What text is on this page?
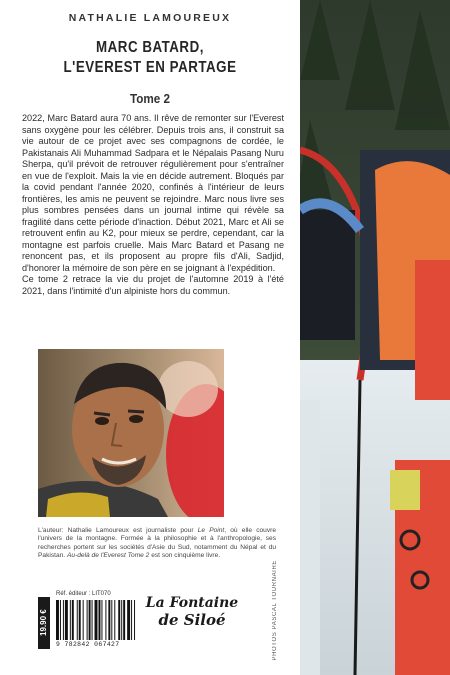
NATHALIE LAMOUREUX
MARC BATARD,
L'EVEREST EN PARTAGE
Tome 2

2022, Marc Batard aura 70 ans. Il rêve de remonter sur l'Everest sans oxygène pour les célébrer. Depuis trois ans, il construit sa vie autour de ce projet avec ses compagnons de cordée, le Pakistanais Ali Muhammad Sadpara et le Népalais Pasang Nuru Sherpa, qu'il prévoit de retrouver régulièrement pour s'entraîner en vue de l'exploit. Mais la vie en décide autrement. Bloqués par la covid pendant l'année 2020, confinés à l'intérieur de leurs frontières, les amis ne peuvent se rejoindre. Marc nous livre ses plus sombres pensées dans un journal intime qui révèle sa fragilité dans cette période d'inaction. Début 2021, Marc et Ali se retrouvent enfin au K2, pour mieux se perdre, cependant, car la montagne est parfois cruelle. Mais Marc Batard et Pasang ne renoncent pas, et ils proposent au propre fils d'Ali, Sadjid, d'honorer la mémoire de son père en se joignant à l'expédition.

Ce tome 2 retrace la vie du projet de l'automne 2019 à l'été 2021, dans l'intimité d'un alpiniste hors du commun.

L'auteur: Nathalie Lamoureux est journaliste pour Le Point, où elle couvre l'univers de la montagne. Formée à la philosophie et à l'anthropologie, ses recherches portent sur les sociétés d'Asie du Sud, notamment du Népal et du Pakistan. Au-delà de l'Everest Tome 2 est son cinquième livre.

19.90 €
Réf. éditeur : LIT070
9 782842 067427
La Fontaine
de Siloé	PHOTOS PASCAL TOURNAIRE
